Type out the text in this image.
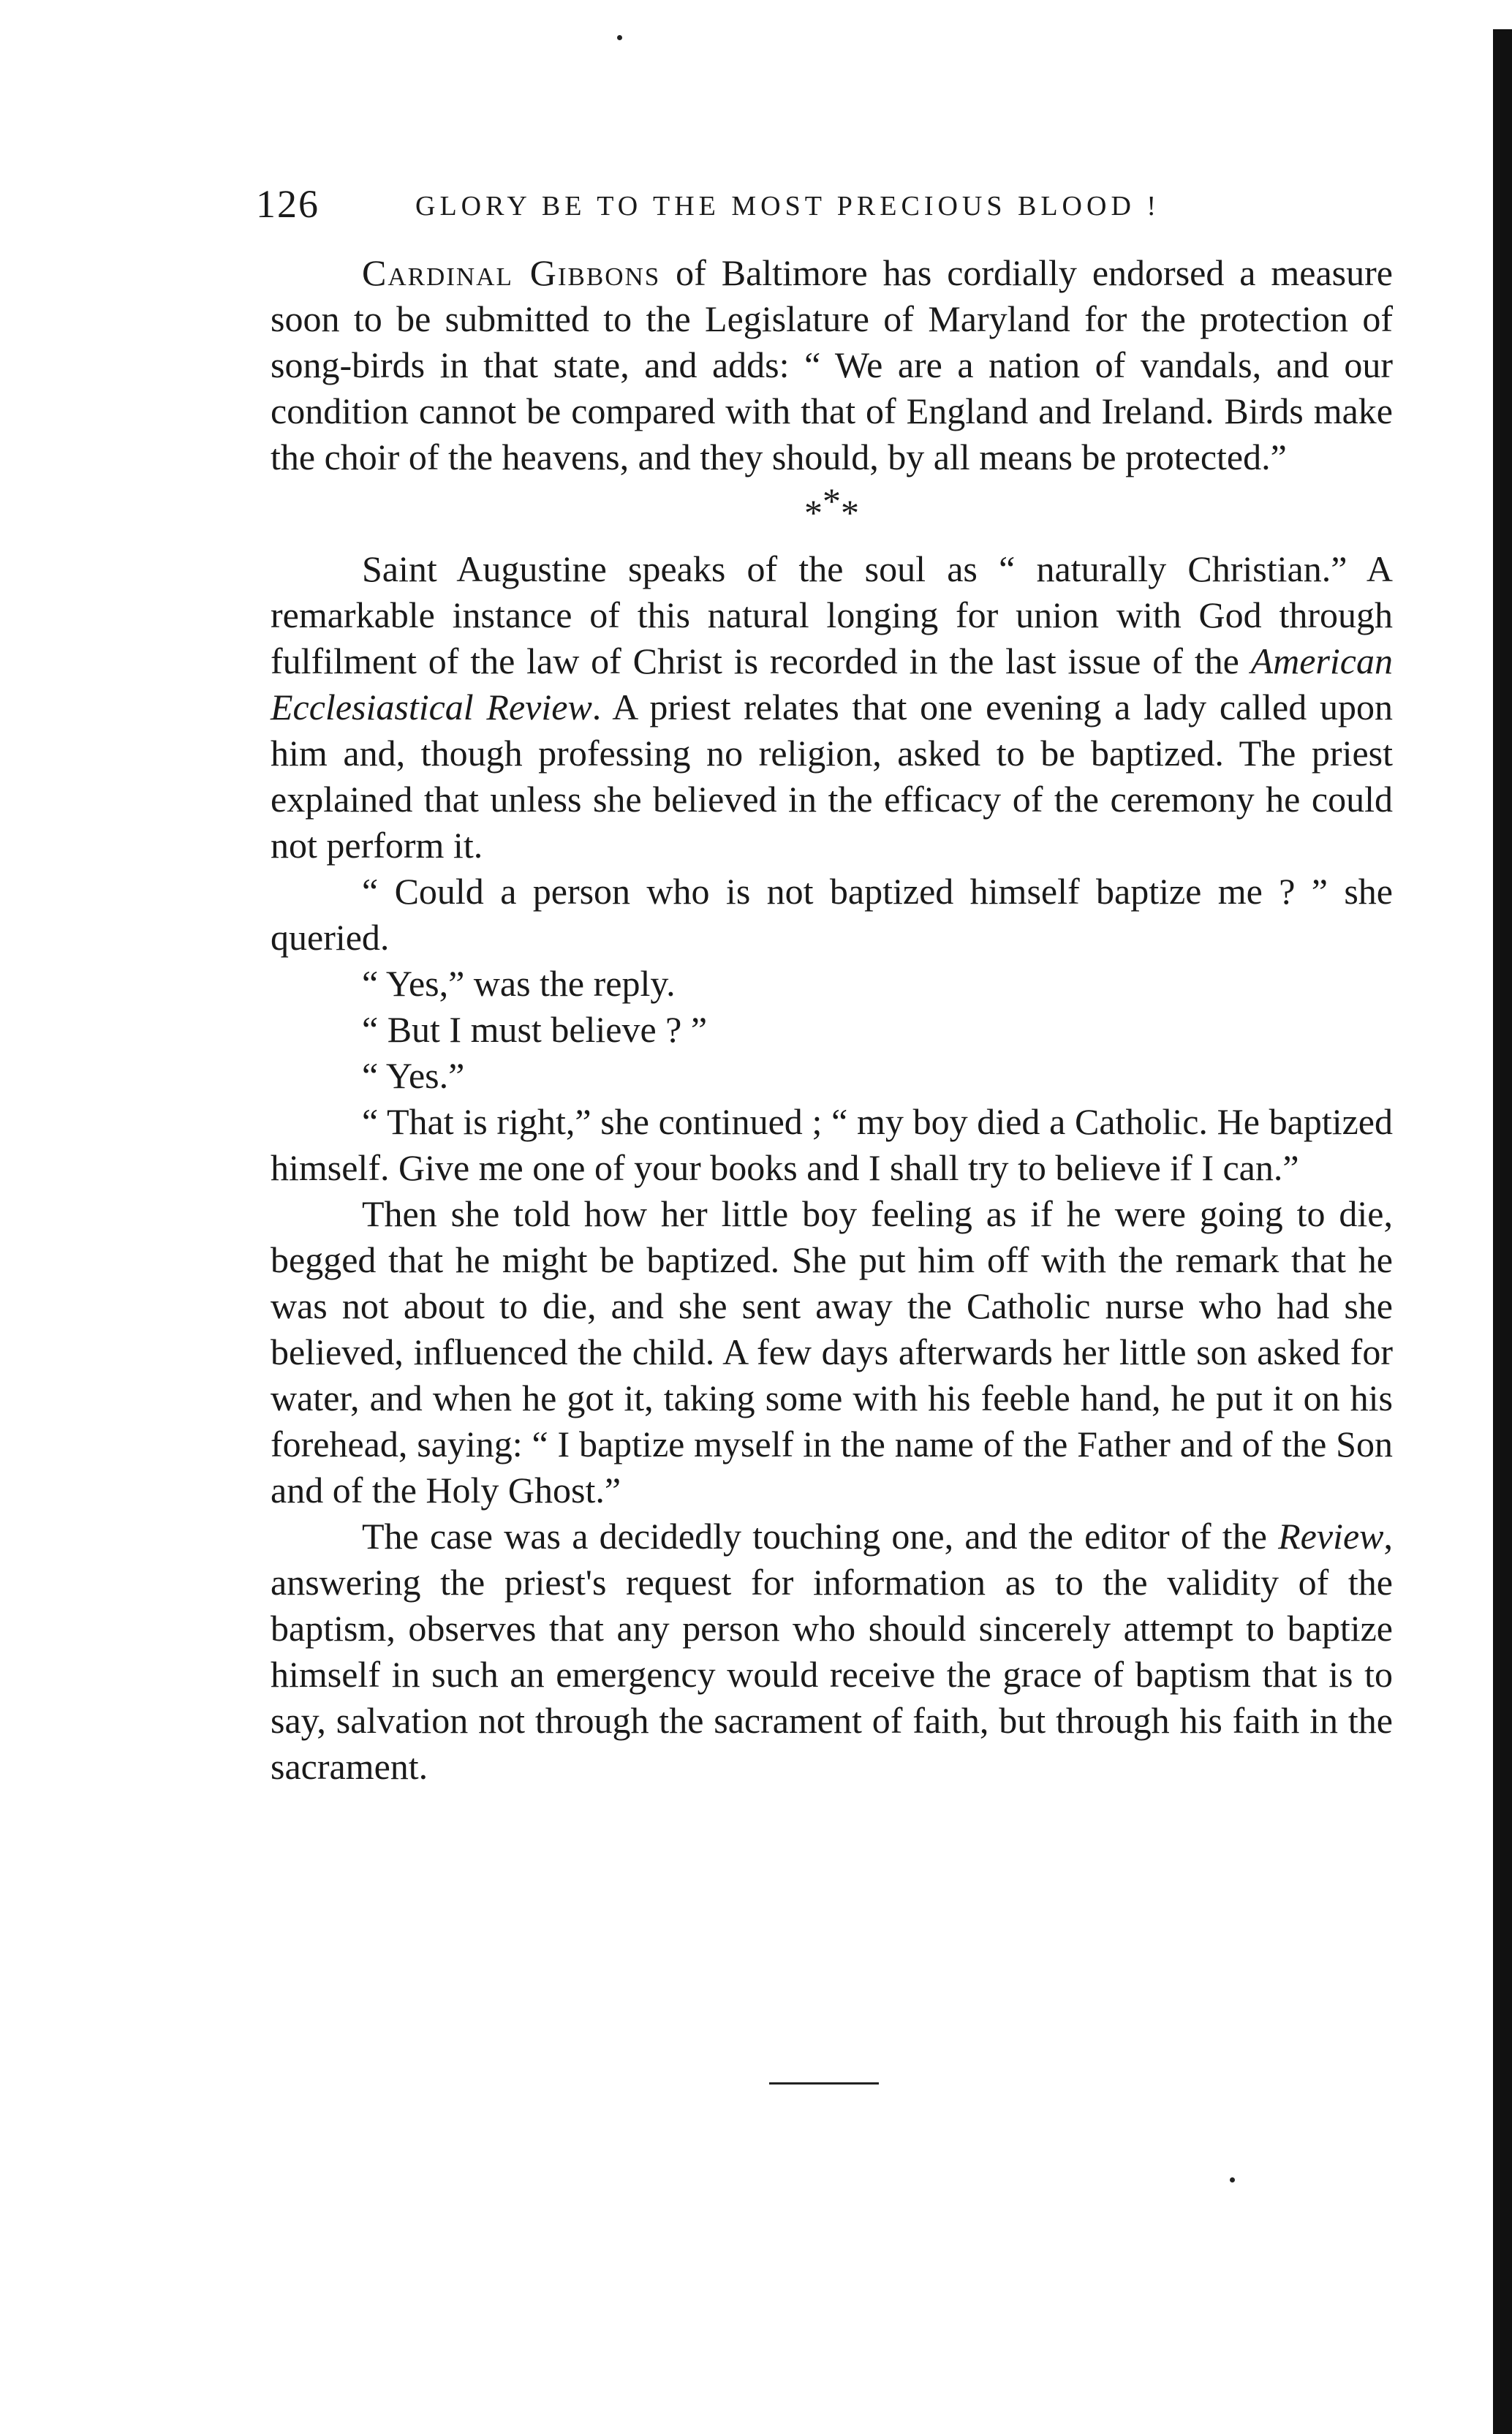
126	GLORY BE TO THE MOST PRECIOUS BLOOD !

Cardinal Gibbons of Baltimore has cordially endorsed a measure soon to be submitted to the Legislature of Maryland for the protection of song-birds in that state, and adds: “ We are a nation of vandals, and our condition cannot be compared with that of England and Ireland. Birds make the choir of the heavens, and they should, by all means be protected.”

***

Saint Augustine speaks of the soul as “ naturally Christian.” A remarkable instance of this natural longing for union with God through fulfilment of the law of Christ is recorded in the last issue of the American Ecclesiastical Review. A priest relates that one evening a lady called upon him and, though professing no religion, asked to be baptized. The priest explained that unless she believed in the efficacy of the ceremony he could not perform it.

“ Could a person who is not baptized himself baptize me ? ” she queried.

“ Yes,” was the reply.

“ But I must believe ? ”

“ Yes.”

“ That is right,” she continued ; “ my boy died a Catholic. He baptized himself. Give me one of your books and I shall try to believe if I can.”

Then she told how her little boy feeling as if he were going to die, begged that he might be baptized. She put him off with the remark that he was not about to die, and she sent away the Catholic nurse who had she believed, influenced the child. A few days afterwards her little son asked for water, and when he got it, taking some with his feeble hand, he put it on his forehead, saying: “ I baptize myself in the name of the Father and of the Son and of the Holy Ghost.”

The case was a decidedly touching one, and the editor of the Review, answering the priest's request for information as to the validity of the baptism, observes that any person who should sincerely attempt to baptize himself in such an emergency would receive the grace of baptism that is to say, salvation not through the sacrament of faith, but through his faith in the sacrament.
